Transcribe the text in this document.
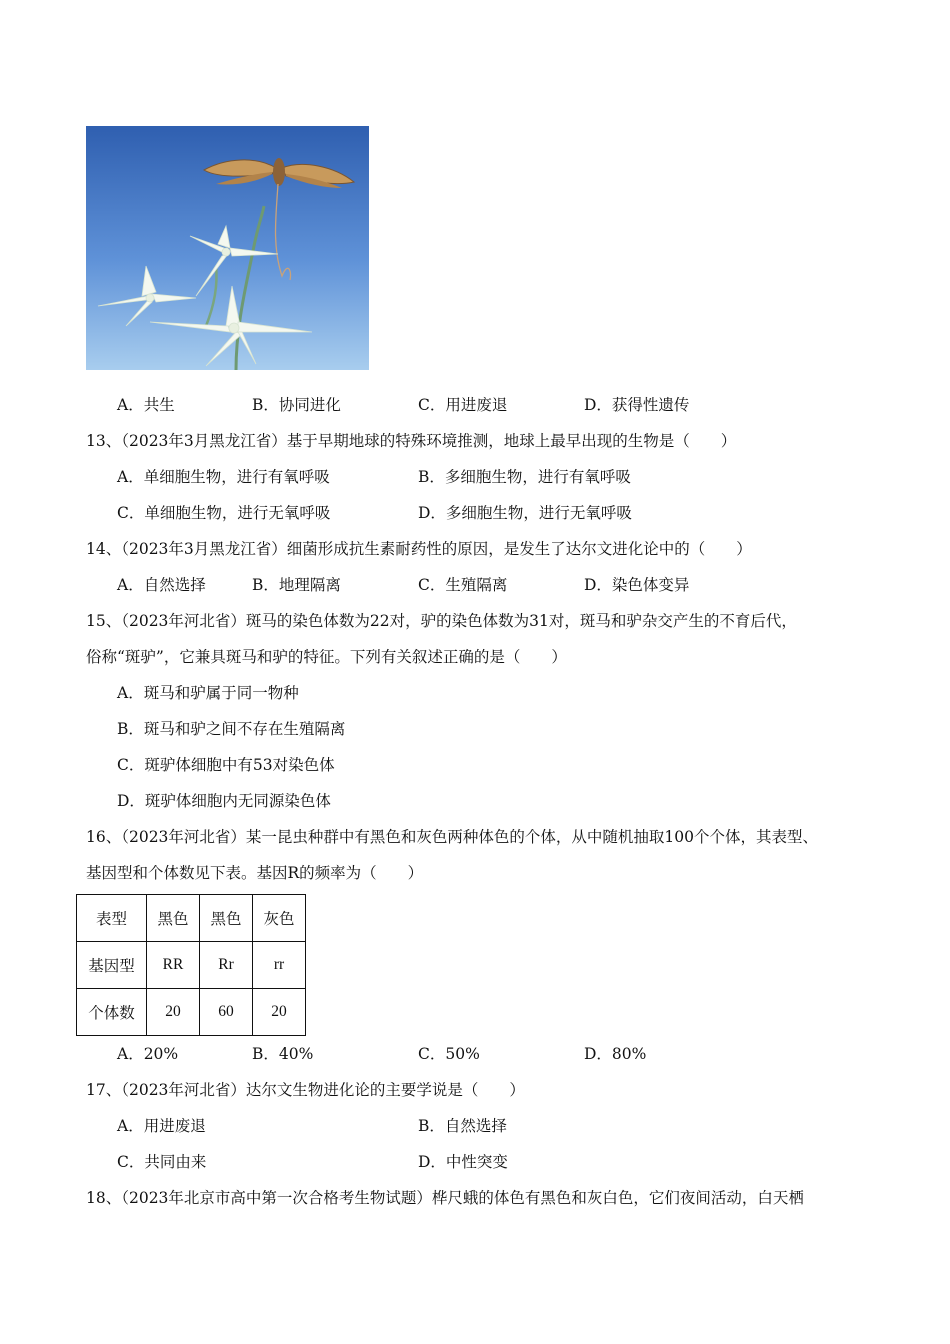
A．共生	B．协同进化	C．用进废退	D．获得性遗传
13、（2023年3月黑龙江省）基于早期地球的特殊环境推测，地球上最早出现的生物是（　　）
A．单细胞生物，进行有氧呼吸	B．多细胞生物，进行有氧呼吸
C．单细胞生物，进行无氧呼吸	D．多细胞生物，进行无氧呼吸
14、（2023年3月黑龙江省）细菌形成抗生素耐药性的原因，是发生了达尔文进化论中的（　　）
A．自然选择	B．地理隔离	C．生殖隔离	D．染色体变异
15、（2023年河北省）斑马的染色体数为22对，驴的染色体数为31对，斑马和驴杂交产生的不育后代，
俗称“斑驴”，它兼具斑马和驴的特征。下列有关叙述正确的是（　　）
A．斑马和驴属于同一物种
B．斑马和驴之间不存在生殖隔离
C．斑驴体细胞中有53对染色体
D．斑驴体细胞内无同源染色体
16、（2023年河北省）某一昆虫种群中有黑色和灰色两种体色的个体，从中随机抽取100个个体，其表型、
基因型和个体数见下表。基因R的频率为（　　）
表型	黑色	黑色	灰色
基因型	RR	Rr	rr
个体数	20	60	20
A．20%	B．40%	C．50%	D．80%
17、（2023年河北省）达尔文生物进化论的主要学说是（　　）
A．用进废退	B．自然选择
C．共同由来	D．中性突变
18、（2023年北京市高中第一次合格考生物试题）桦尺蛾的体色有黑色和灰白色，它们夜间活动，白天栖
